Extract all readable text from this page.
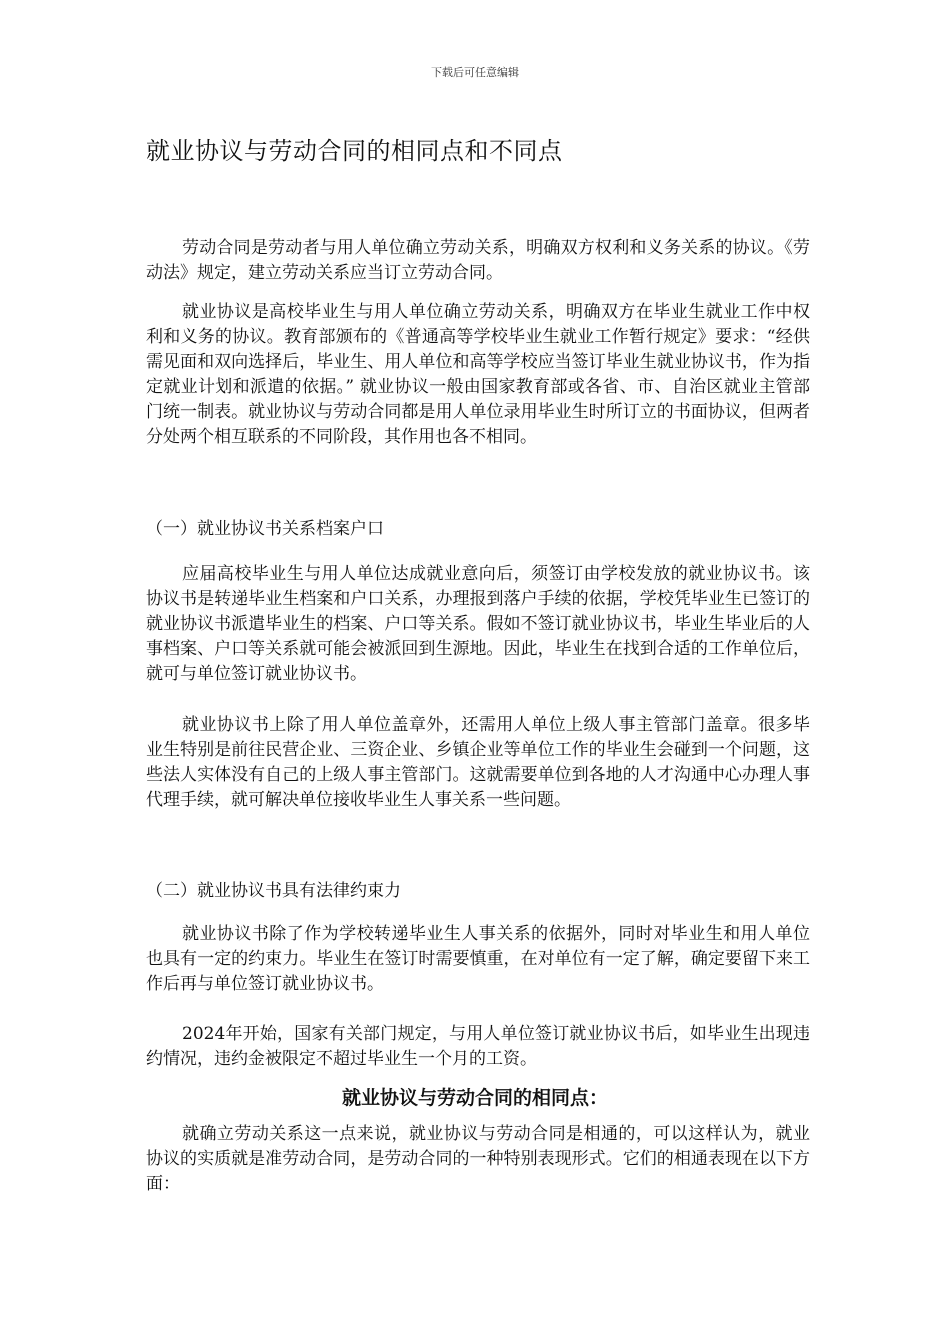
下载后可任意编辑
就业协议与劳动合同的相同点和不同点

劳动合同是劳动者与用人单位确立劳动关系，明确双方权利和义务关系的协议。《劳动法》规定，建立劳动关系应当订立劳动合同。

就业协议是高校毕业生与用人单位确立劳动关系，明确双方在毕业生就业工作中权利和义务的协议。教育部颁布的《普通高等学校毕业生就业工作暂行规定》要求：“经供需见面和双向选择后，毕业生、用人单位和高等学校应当签订毕业生就业协议书，作为指定就业计划和派遣的依据。” 就业协议一般由国家教育部或各省、市、自治区就业主管部门统一制表。就业协议与劳动合同都是用人单位录用毕业生时所订立的书面协议，但两者分处两个相互联系的不同阶段，其作用也各不相同。

（一）就业协议书关系档案户口

应届高校毕业生与用人单位达成就业意向后，须签订由学校发放的就业协议书。该协议书是转递毕业生档案和户口关系，办理报到落户手续的依据，学校凭毕业生已签订的就业协议书派遣毕业生的档案、户口等关系。假如不签订就业协议书，毕业生毕业后的人事档案、户口等关系就可能会被派回到生源地。因此，毕业生在找到合适的工作单位后，就可与单位签订就业协议书。

就业协议书上除了用人单位盖章外，还需用人单位上级人事主管部门盖章。很多毕业生特别是前往民营企业、三资企业、乡镇企业等单位工作的毕业生会碰到一个问题，这些法人实体没有自己的上级人事主管部门。这就需要单位到各地的人才沟通中心办理人事代理手续，就可解决单位接收毕业生人事关系一些问题。

（二）就业协议书具有法律约束力

就业协议书除了作为学校转递毕业生人事关系的依据外，同时对毕业生和用人单位也具有一定的约束力。毕业生在签订时需要慎重，在对单位有一定了解，确定要留下来工作后再与单位签订就业协议书。

2024年开始，国家有关部门规定，与用人单位签订就业协议书后，如毕业生出现违约情况，违约金被限定不超过毕业生一个月的工资。

就业协议与劳动合同的相同点：

就确立劳动关系这一点来说，就业协议与劳动合同是相通的，可以这样认为，就业协议的实质就是准劳动合同，是劳动合同的一种特别表现形式。它们的相通表现在以下方面：
